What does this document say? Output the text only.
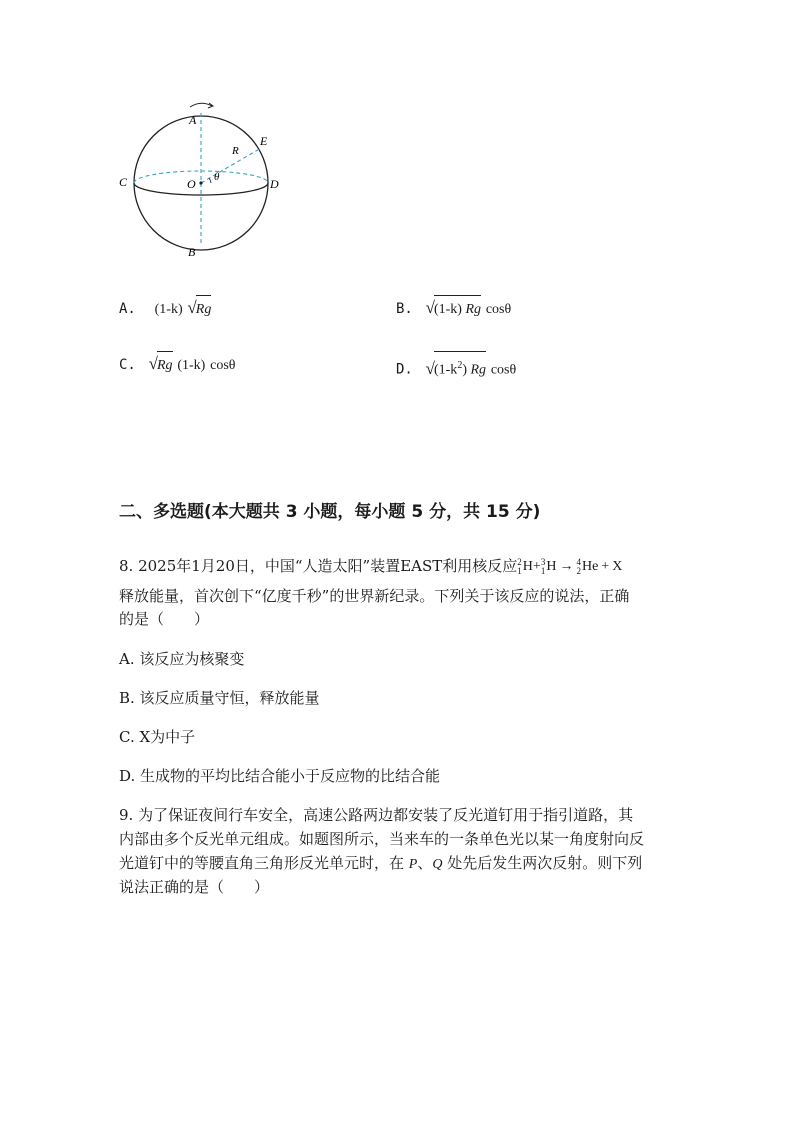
A
B
C	D
E
O
R
θ
A. (1-k) √Rg	B. √(1-k) Rg cosθ
C. √Rg (1-k) cosθ	D. $√(1-k^2)$ Rg cosθ
二、多选题(本大题共 3 小题，每小题 5 分，共 15 分)
8. 2025年1月20日，中国“人造太阳”装置EAST利用核反应 2
1 H + 3
1 H → 4
2 He + X
释放能量，首次创下“亿度千秒”的世界新纪录。下列关于该反应的说法，正确
的是（　　）
A. 该反应为核聚变
B. 该反应质量守恒，释放能量
C. X为中子
D. 生成物的平均比结合能小于反应物的比结合能
9. 为了保证夜间行车安全，高速公路两边都安装了反光道钉用于指引道路，其
内部由多个反光单元组成。如题图所示，当来车的一条单色光以某一角度射向反
光道钉中的等腰直角三角形反光单元时，在 P、Q 处先后发生两次反射。则下列
说法正确的是（　　）
